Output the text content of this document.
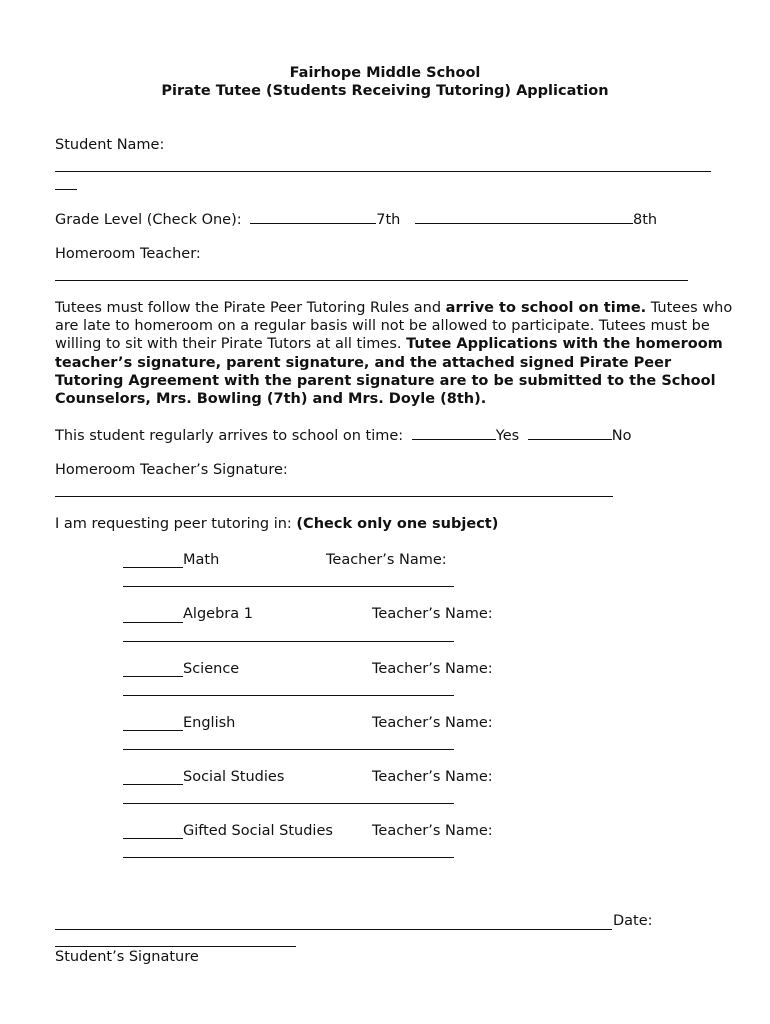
Fairhope Middle School
Pirate Tutee (Students Receiving Tutoring) Application
Student Name:
Grade Level (Check One):	7th	8th
Homeroom Teacher:
Tutees must follow the Pirate Peer Tutoring Rules and arrive to school on time. Tutees who are late to homeroom on a regular basis will not be allowed to participate. Tutees must be willing to sit with their Pirate Tutors at all times. Tutee Applications with the homeroom teacher’s signature, parent signature, and the attached signed Pirate Peer Tutoring Agreement with the parent signature are to be submitted to the School Counselors, Mrs. Bowling (7th) and Mrs. Doyle (8th).
This student regularly arrives to school on time:	Yes	No
Homeroom Teacher’s Signature:
I am requesting peer tutoring in: (Check only one subject)
Math	Teacher’s Name:
Algebra 1	Teacher’s Name:
Science	Teacher’s Name:
English	Teacher’s Name:
Social Studies	Teacher’s Name:
Gifted Social Studies	Teacher’s Name:
Date:
Student’s Signature
